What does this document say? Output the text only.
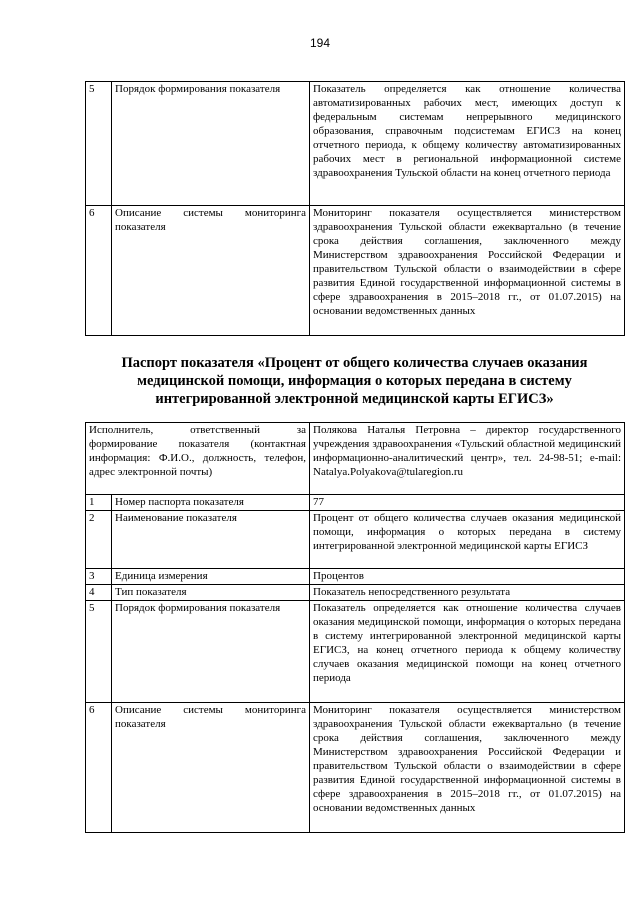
194
5	Порядок формирования показателя	Показатель определяется как отношение количества автоматизированных рабочих мест, имеющих доступ к федеральным системам непрерывного медицинского образования, справочным подсистемам ЕГИСЗ на конец отчетного периода, к общему количеству автоматизированных рабочих мест в региональной информационной системе здравоохранения Тульской области на конец отчетного периода
6	Описание системы мониторинга показателя	Мониторинг показателя осуществляется министерством здравоохранения Тульской области ежеквартально (в течение срока действия соглашения, заключенного между Министерством здравоохранения Российской Федерации и правительством Тульской области о взаимодействии в сфере развития Единой государственной информационной системы в сфере здравоохранения в 2015–2018 гг., от 01.07.2015) на основании ведомственных данных
Паспорт показателя «Процент от общего количества случаев оказания
медицинской помощи, информация о которых передана в систему
интегрированной электронной медицинской карты ЕГИСЗ»
Исполнитель, ответственный за формирование показателя (контактная информация: Ф.И.О., должность, телефон, адрес электронной почты)		Полякова Наталья Петровна – директор государственного учреждения здравоохранения «Тульский областной медицинский информационно-аналитический центр», тел. 24-98-51; e-mail: Natalya.Polyakova@tularegion.ru
1	Номер паспорта показателя	77
2	Наименование показателя	Процент от общего количества случаев оказания медицинской помощи, информация о которых передана в систему интегрированной электронной медицинской карты ЕГИСЗ
3	Единица измерения	Процентов
4	Тип показателя	Показатель непосредственного результата
5	Порядок формирования показателя	Показатель определяется как отношение количества случаев оказания медицинской помощи, информация о которых передана в систему интегрированной электронной медицинской карты ЕГИСЗ, на конец отчетного периода к общему количеству случаев оказания медицинской помощи на конец отчетного периода
6	Описание системы мониторинга показателя	Мониторинг показателя осуществляется министерством здравоохранения Тульской области ежеквартально (в течение срока действия соглашения, заключенного между Министерством здравоохранения Российской Федерации и правительством Тульской области о взаимодействии в сфере развития Единой государственной информационной системы в сфере здравоохранения в 2015–2018 гг., от 01.07.2015) на основании ведомственных данных
